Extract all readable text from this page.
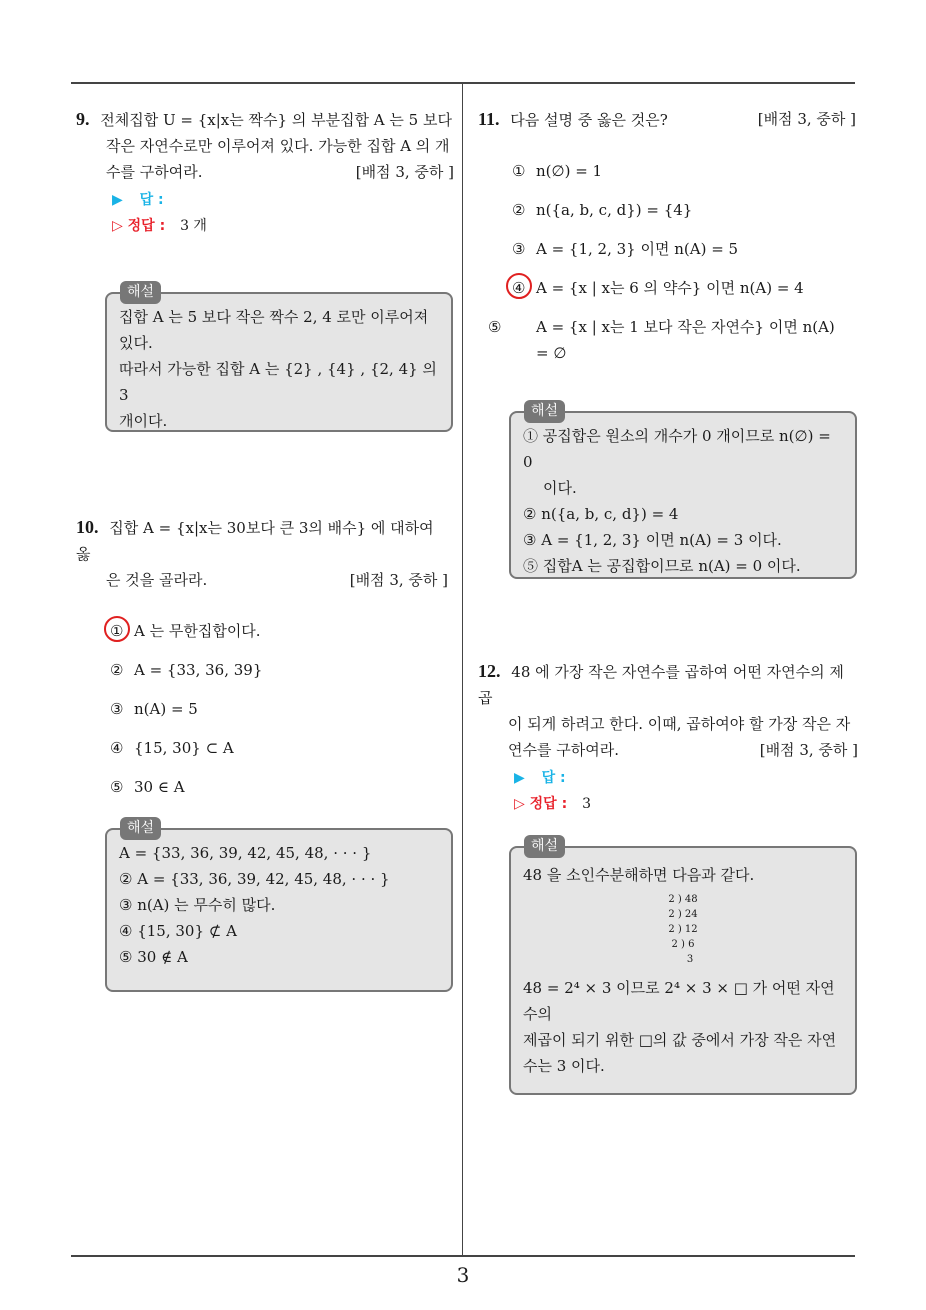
9. 전체집합 U = {x|x는 짝수} 의 부분집합 A 는 5 보다
작은 자연수로만 이루어져 있다. 가능한 집합 A 의 개
수를 구하여라.	[배점 3, 중하 ]
▶ 답 :
▷ 정답 : 3 개
해설
집합 A 는 5 보다 작은 짝수 2, 4 로만 이루어져
있다.
따라서 가능한 집합 A 는 {2} , {4} , {2, 4} 의 3
개이다.
10. 집합 A = {x|x는 30보다 큰 3의 배수} 에 대하여 옳
은 것을 골라라.	[배점 3, 중하 ]
① A 는 무한집합이다.
② A = {33, 36, 39}
③ n(A) = 5
④ {15, 30} ⊂ A
⑤ 30 ∈ A
해설
A = {33, 36, 39, 42, 45, 48, · · · }
② A = {33, 36, 39, 42, 45, 48, · · · }
③ n(A) 는 무수히 많다.
④ {15, 30} ⊄ A
⑤ 30 ∉ A
11. 다음 설명 중 옳은 것은?	[배점 3, 중하 ]
① n(∅) = 1
② n({a, b, c, d}) = {4}
③ A = {1, 2, 3} 이면 n(A) = 5
④ A = {x | x는 6 의 약수} 이면 n(A) = 4
⑤ A = {x | x는 1 보다 작은 자연수} 이면 n(A) = ∅
해설
① 공집합은 원소의 개수가 0 개이므로 n(∅) = 0
이다.
② n({a, b, c, d}) = 4
③ A = {1, 2, 3} 이면 n(A) = 3 이다.
⑤ 집합A 는 공집합이므로 n(A) = 0 이다.
12. 48 에 가장 작은 자연수를 곱하여 어떤 자연수의 제곱
이 되게 하려고 한다. 이때, 곱하여야 할 가장 작은 자
연수를 구하여라.	[배점 3, 중하 ]
▶ 답 :
▷ 정답 : 3
해설
48 을 소인수분해하면 다음과 같다.
2 ) 48
2 ) 24
2 ) 12
2 ) 6
3
48 = 2⁴ × 3 이므로 2⁴ × 3 × □ 가 어떤 자연수의
제곱이 되기 위한 □의 값 중에서 가장 작은 자연
수는 3 이다.
3
